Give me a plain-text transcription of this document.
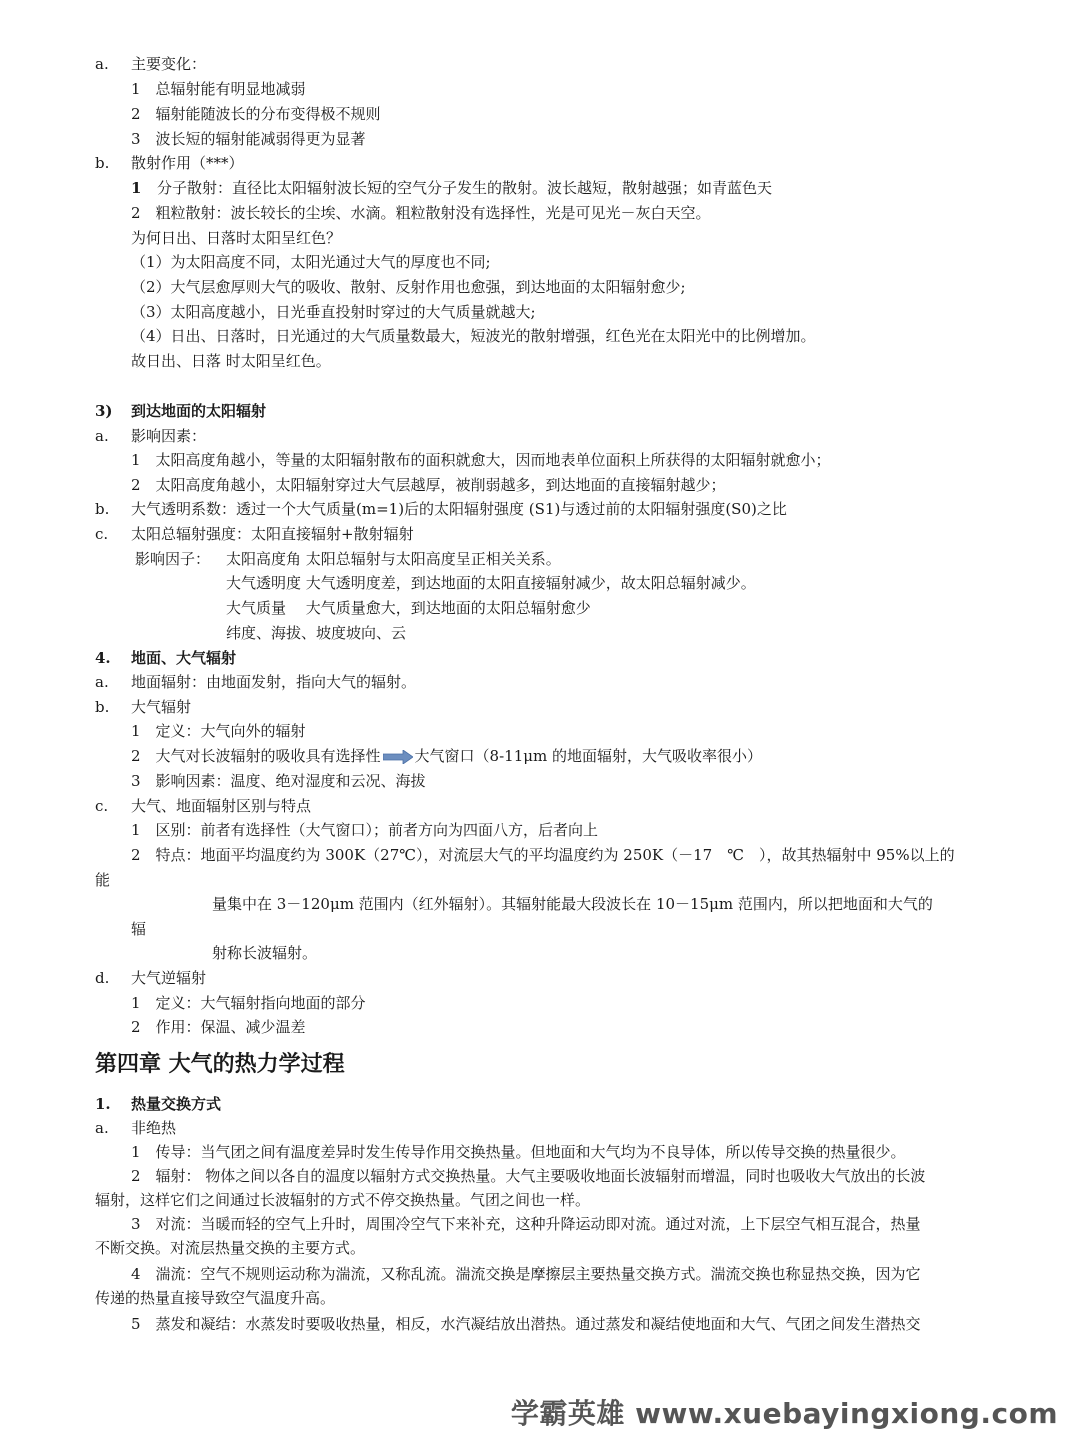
a. 主要变化：
1　总辐射能有明显地减弱
2　辐射能随波长的分布变得极不规则
3　波长短的辐射能减弱得更为显著
b. 散射作用（***）
1 分子散射：直径比太阳辐射波长短的空气分子发生的散射。波长越短，散射越强；如青蓝色天
2　粗粒散射：波长较长的尘埃、水滴。粗粒散射没有选择性，光是可见光－灰白天空。
为何日出、日落时太阳呈红色？
（1）为太阳高度不同，太阳光通过大气的厚度也不同;
（2）大气层愈厚则大气的吸收、散射、反射作用也愈强，到达地面的太阳辐射愈少;
（3）太阳高度越小，日光垂直投射时穿过的大气质量就越大;
（4）日出、日落时，日光通过的大气质量数最大，短波光的散射增强，红色光在太阳光中的比例增加。
故日出、日落 时太阳呈红色。
3) 到达地面的太阳辐射
a. 影响因素：
1　太阳高度角越小，等量的太阳辐射散布的面积就愈大，因而地表单位面积上所获得的太阳辐射就愈小；
2　太阳高度角越小，太阳辐射穿过大气层越厚，被削弱越多，到达地面的直接辐射越少；
b. 大气透明系数：透过一个大气质量(m=1)后的太阳辐射强度 (S1)与透过前的太阳辐射强度(S0)之比
c. 太阳总辐射强度：太阳直接辐射+散射辐射
影响因子： 太阳高度角 太阳总辐射与太阳高度呈正相关关系。
大气透明度 大气透明度差，到达地面的太阳直接辐射减少，故太阳总辐射减少。
大气质量　 大气质量愈大，到达地面的太阳总辐射愈少
纬度、海拔、坡度坡向、云
4. 地面、大气辐射
a. 地面辐射：由地面发射，指向大气的辐射。
b. 大气辐射
1　定义：大气向外的辐射
2　大气对长波辐射的吸收具有选择性 大气窗口（8-11μm 的地面辐射，大气吸收率很小）
3　影响因素：温度、绝对湿度和云况、海拔
c. 大气、地面辐射区别与特点
1　区别：前者有选择性（大气窗口）；前者方向为四面八方，后者向上
2　特点：地面平均温度约为 300K（27℃），对流层大气的平均温度约为 250K（－17　℃　），故其热辐射中 95%以上的
能
量集中在 3－120μm 范围内（红外辐射）。其辐射能最大段波长在 10－15μm 范围内，所以把地面和大气的
辐
射称长波辐射。
d. 大气逆辐射
1　定义：大气辐射指向地面的部分
2　作用：保温、减少温差
第四章 大气的热力学过程
1. 热量交换方式
a. 非绝热
1　传导：当气团之间有温度差异时发生传导作用交换热量。但地面和大气均为不良导体，所以传导交换的热量很少。
2　辐射： 物体之间以各自的温度以辐射方式交换热量。大气主要吸收地面长波辐射而增温，同时也吸收大气放出的长波
辐射，这样它们之间通过长波辐射的方式不停交换热量。气团之间也一样。
3　对流：当暖而轻的空气上升时，周围冷空气下来补充，这种升降运动即对流。通过对流，上下层空气相互混合，热量
不断交换。对流层热量交换的主要方式。
4　湍流：空气不规则运动称为湍流，又称乱流。湍流交换是摩擦层主要热量交换方式。湍流交换也称显热交换，因为它
传递的热量直接导致空气温度升高。
5　蒸发和凝结：水蒸发时要吸收热量，相反，水汽凝结放出潜热。通过蒸发和凝结使地面和大气、气团之间发生潜热交
学霸英雄 www.xuebayingxiong.com
